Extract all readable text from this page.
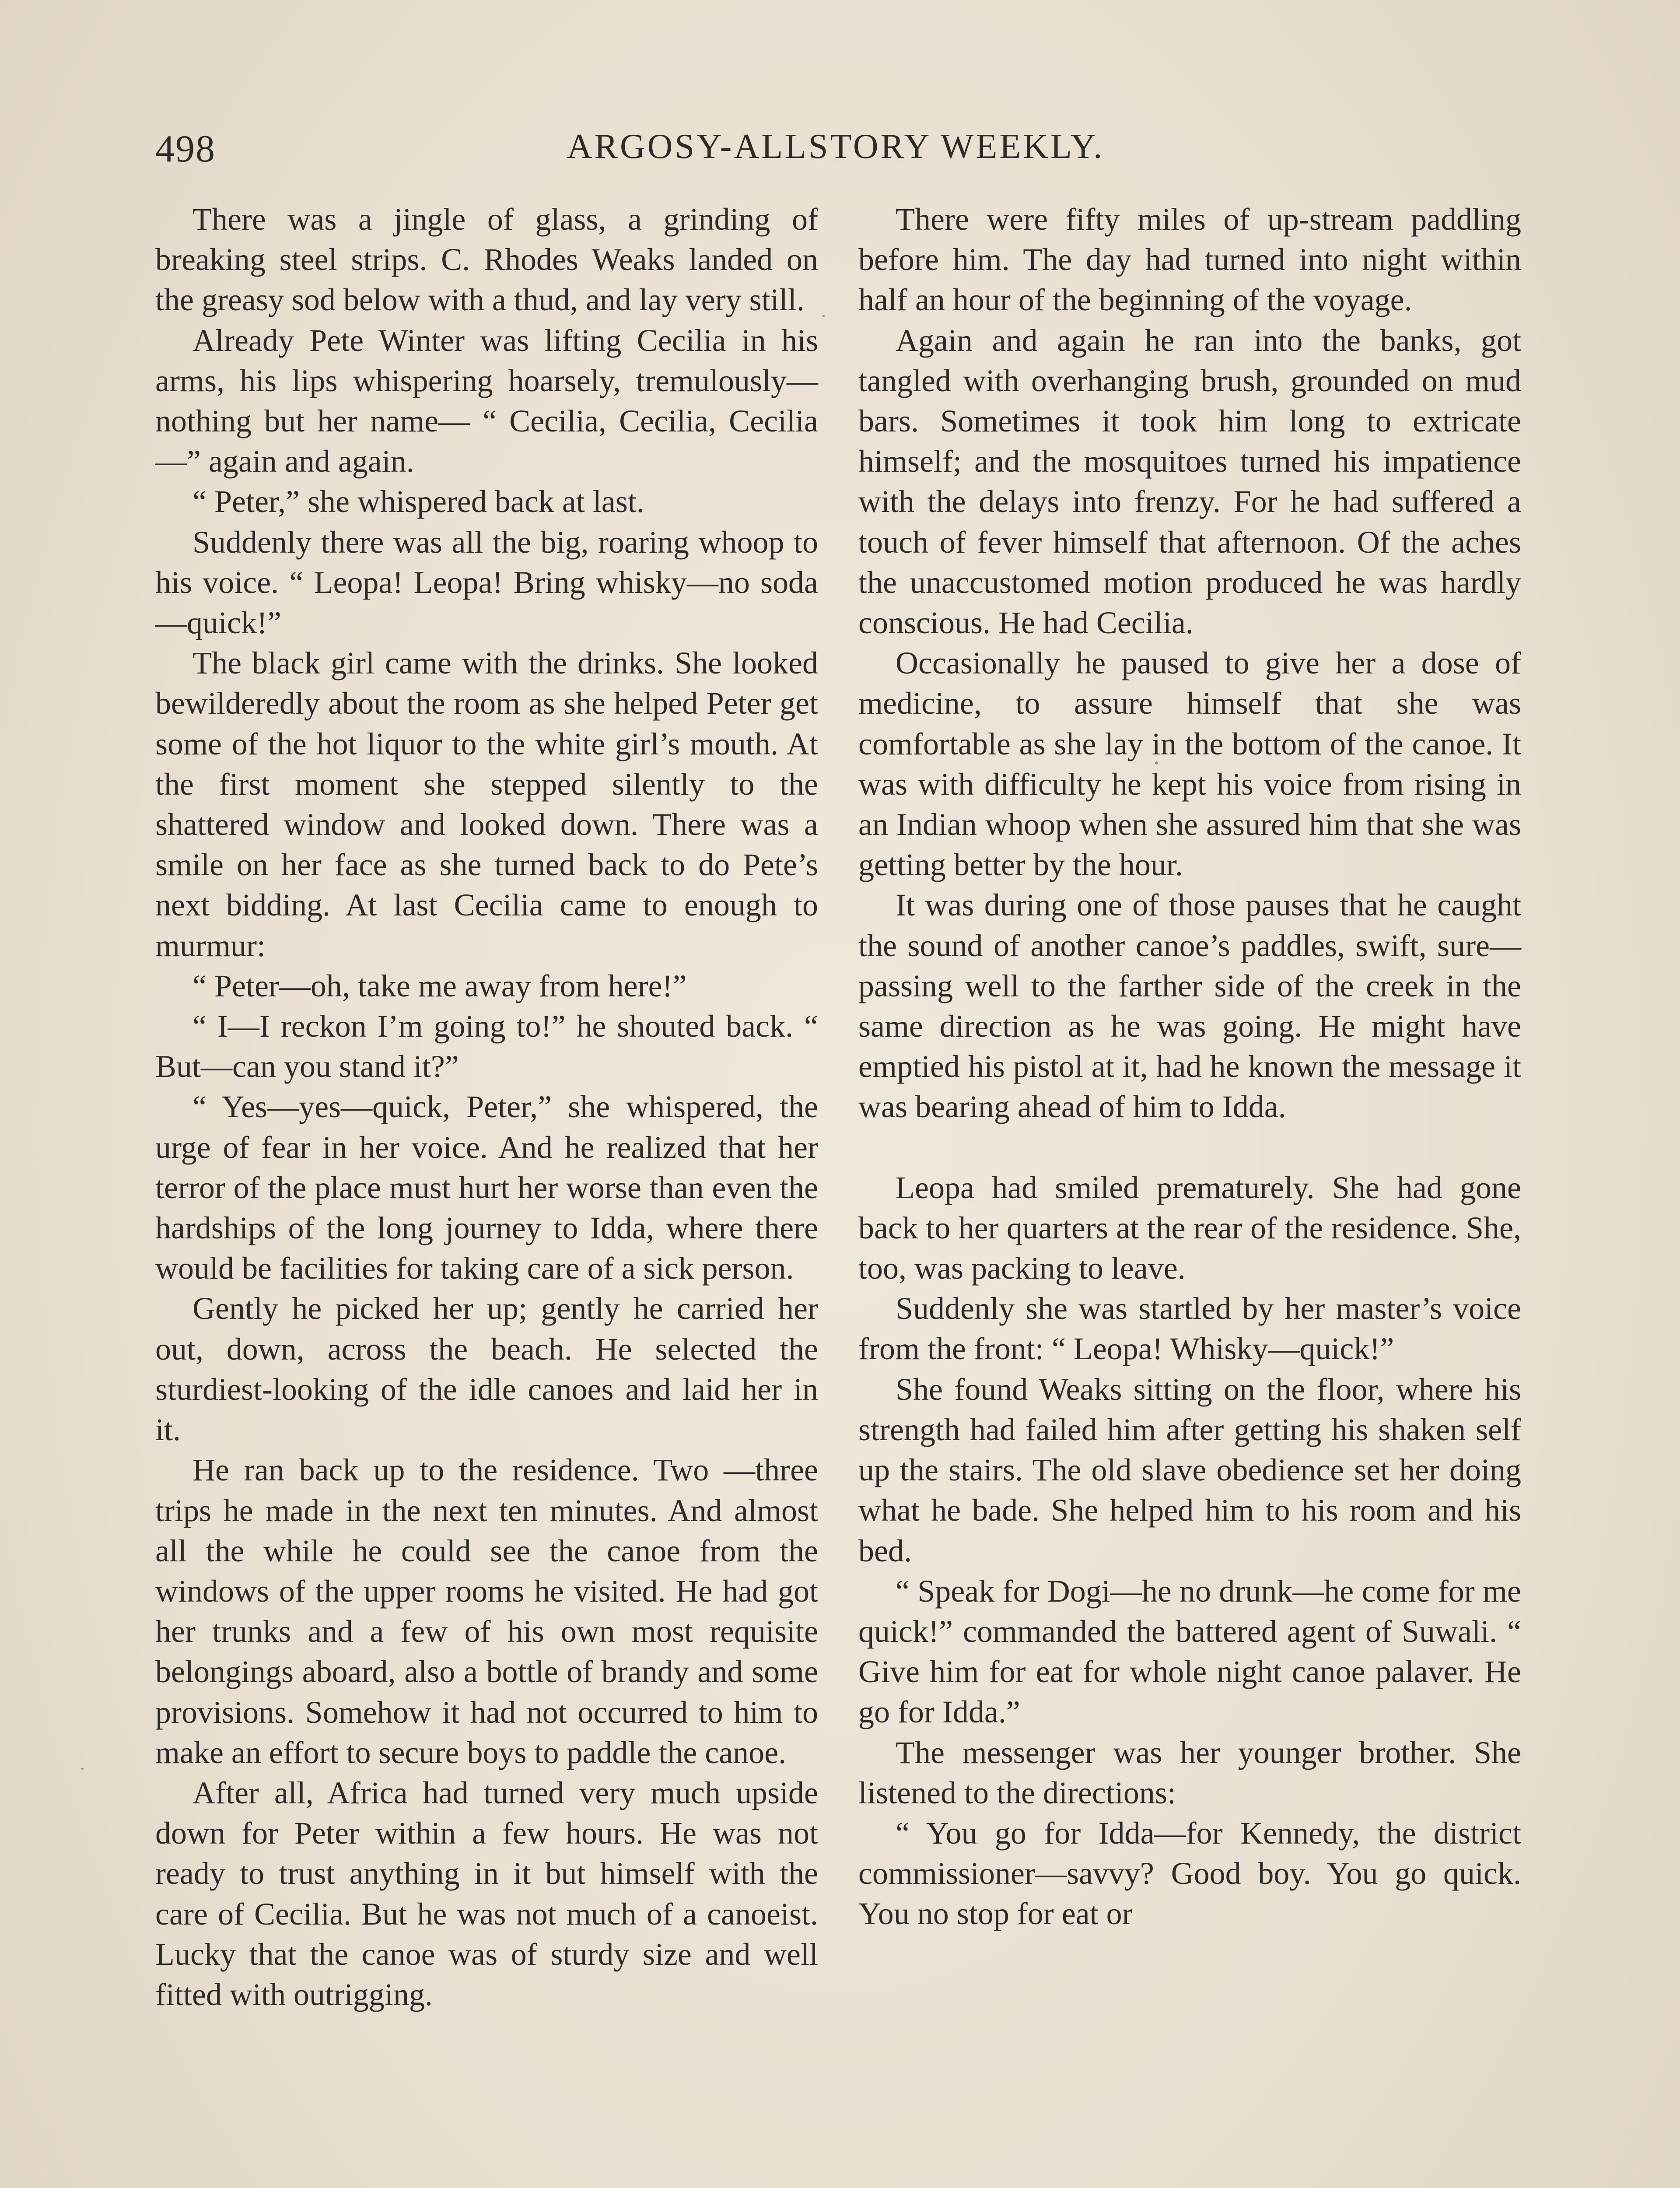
498	ARGOSY-ALLSTORY WEEKLY.

There was a jingle of glass, a grinding of breaking steel strips. C. Rhodes Weaks landed on the greasy sod below with a thud, and lay very still.

Already Pete Winter was lifting Cecilia in his arms, his lips whispering hoarsely, tremulously—nothing but her name— “ Cecilia, Cecilia, Cecilia—” again and again.

“ Peter,” she whispered back at last.

Suddenly there was all the big, roaring whoop to his voice. “ Leopa! Leopa! Bring whisky—no soda—quick!”

The black girl came with the drinks. She looked bewilderedly about the room as she helped Peter get some of the hot liquor to the white girl’s mouth. At the first moment she stepped silently to the shattered window and looked down. There was a smile on her face as she turned back to do Pete’s next bidding. At last Cecilia came to enough to murmur:

“ Peter—oh, take me away from here!”

“ I—I reckon I’m going to!” he shouted back. “ But—can you stand it?”

“ Yes—yes—quick, Peter,” she whispered, the urge of fear in her voice. And he realized that her terror of the place must hurt her worse than even the hardships of the long journey to Idda, where there would be facilities for taking care of a sick person.

Gently he picked her up; gently he carried her out, down, across the beach. He selected the sturdiest-looking of the idle canoes and laid her in it.

He ran back up to the residence. Two —three trips he made in the next ten minutes. And almost all the while he could see the canoe from the windows of the upper rooms he visited. He had got her trunks and a few of his own most requisite belongings aboard, also a bottle of brandy and some provisions. Somehow it had not occurred to him to make an effort to secure boys to paddle the canoe.

After all, Africa had turned very much upside down for Peter within a few hours. He was not ready to trust anything in it but himself with the care of Cecilia. But he was not much of a canoeist. Lucky that the canoe was of sturdy size and well fitted with outrigging.

There were fifty miles of up-stream paddling before him. The day had turned into night within half an hour of the beginning of the voyage.

Again and again he ran into the banks, got tangled with overhanging brush, grounded on mud bars. Sometimes it took him long to extricate himself; and the mosquitoes turned his impatience with the delays into frenzy. For he had suffered a touch of fever himself that afternoon. Of the aches the unaccustomed motion produced he was hardly conscious. He had Cecilia.

Occasionally he paused to give her a dose of medicine, to assure himself that she was comfortable as she lay in the bottom of the canoe. It was with difficulty he kept his voice from rising in an Indian whoop when she assured him that she was getting better by the hour.

It was during one of those pauses that he caught the sound of another canoe’s paddles, swift, sure—passing well to the farther side of the creek in the same direction as he was going. He might have emptied his pistol at it, had he known the message it was bearing ahead of him to Idda.

Leopa had smiled prematurely. She had gone back to her quarters at the rear of the residence. She, too, was packing to leave.

Suddenly she was startled by her master’s voice from the front: “ Leopa! Whisky—quick!”

She found Weaks sitting on the floor, where his strength had failed him after getting his shaken self up the stairs. The old slave obedience set her doing what he bade. She helped him to his room and his bed.

“ Speak for Dogi—he no drunk—he come for me quick!” commanded the battered agent of Suwali. “ Give him for eat for whole night canoe palaver. He go for Idda.”

The messenger was her younger brother. She listened to the directions:

“ You go for Idda—for Kennedy, the district commissioner—savvy? Good boy. You go quick. You no stop for eat or
